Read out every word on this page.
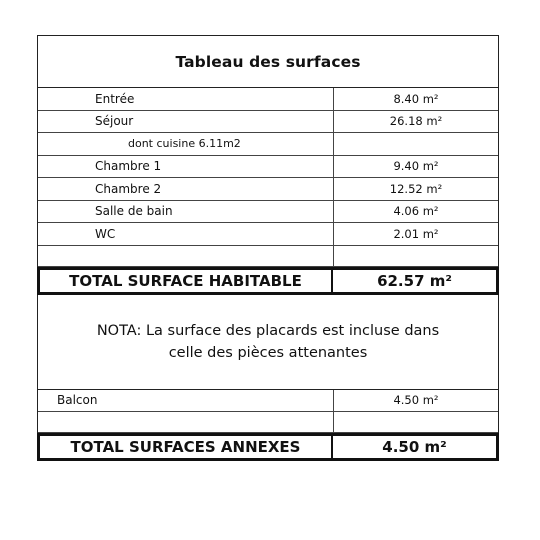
Tableau des surfaces
Entrée	8.40 m²
Séjour	26.18 m²
dont cuisine 6.11m2
Chambre 1	9.40 m²
Chambre 2	12.52 m²
Salle de bain	4.06 m²
WC	2.01 m²
TOTAL SURFACE HABITABLE	62.57 m²
NOTA: La surface des placards est incluse dans
celle des pièces attenantes
Balcon	4.50 m²
TOTAL SURFACES ANNEXES	4.50 m²
